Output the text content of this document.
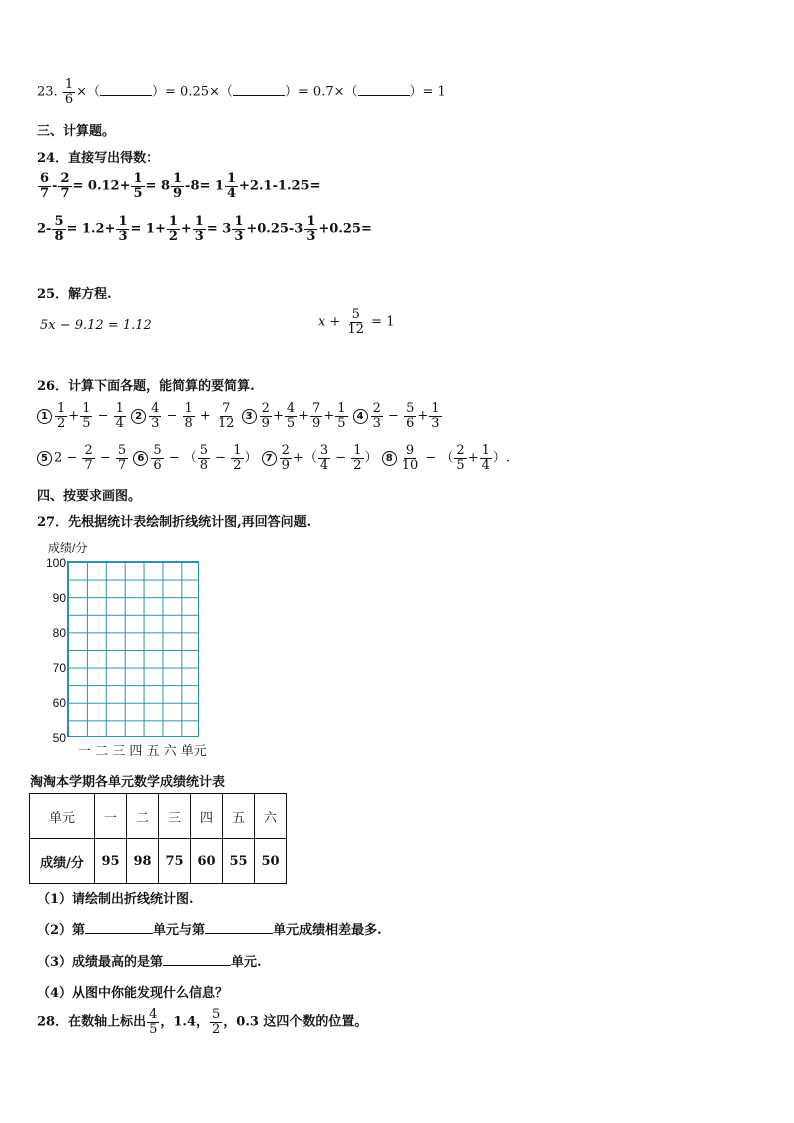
23. $\frac{1}{6}$ ×（	）= 0.25×（	）= 0.7×（	）= 1
三、计算题。
24．直接写出得数：
$\frac{6}{7} - \frac{2}{7} = 0.12+ \frac{1}{5} = 8 \frac{1}{9} -8= 1 \frac{1}{4} +2.1-1.25=$
$2- \frac{5}{8} = 1.2+ \frac{1}{3} = 1+ \frac{1}{2} + \frac{1}{3} = 3 \frac{1}{3} +0.25-3 \frac{1}{3} +0.25=$
25．解方程.
5x − 9.12 = 1.12	$x + \frac{5}{12} = 1$
26．计算下面各题，能简算的要简算.
$1 \frac{1}{2} + \frac{1}{5} - \frac{1}{4} 2 \frac{4}{3} - \frac{1}{8} + \frac{7}{12} 3 \frac{2}{9} + \frac{4}{5} + \frac{7}{9} + \frac{1}{5} 4 \frac{2}{3} - \frac{5}{6} + \frac{1}{3}$
5 $2 - \frac{2}{7} - \frac{5}{7} 6 \frac{5}{6}$ − （ $\frac{5}{8} - \frac{1}{2}$ ） $7 \frac{2}{9}$ +（ $\frac{3}{4} - \frac{1}{2}$ ） $8 \frac{9}{10}$ − （ $\frac{2}{5} + \frac{1}{4}$ ）.
四、按要求画图。
27．先根据统计表绘制折线统计图,再回答问题.
成绩/分
100
90
80
70
60
50
一 二 三 四 五 六 单元
淘淘本学期各单元数学成绩统计表
单元	一	二	三	四	五	六
成绩/分	95	98	75	60	55	50
（1）请绘制出折线统计图.
（2）第	单元与第	单元成绩相差最多.
（3）成绩最高的是第	单元.
（4）从图中你能发现什么信息？
28．在数轴上标出 $\frac{4}{5}$ ，1.4， $\frac{5}{2}$ ，0.3 这四个数的位置。
